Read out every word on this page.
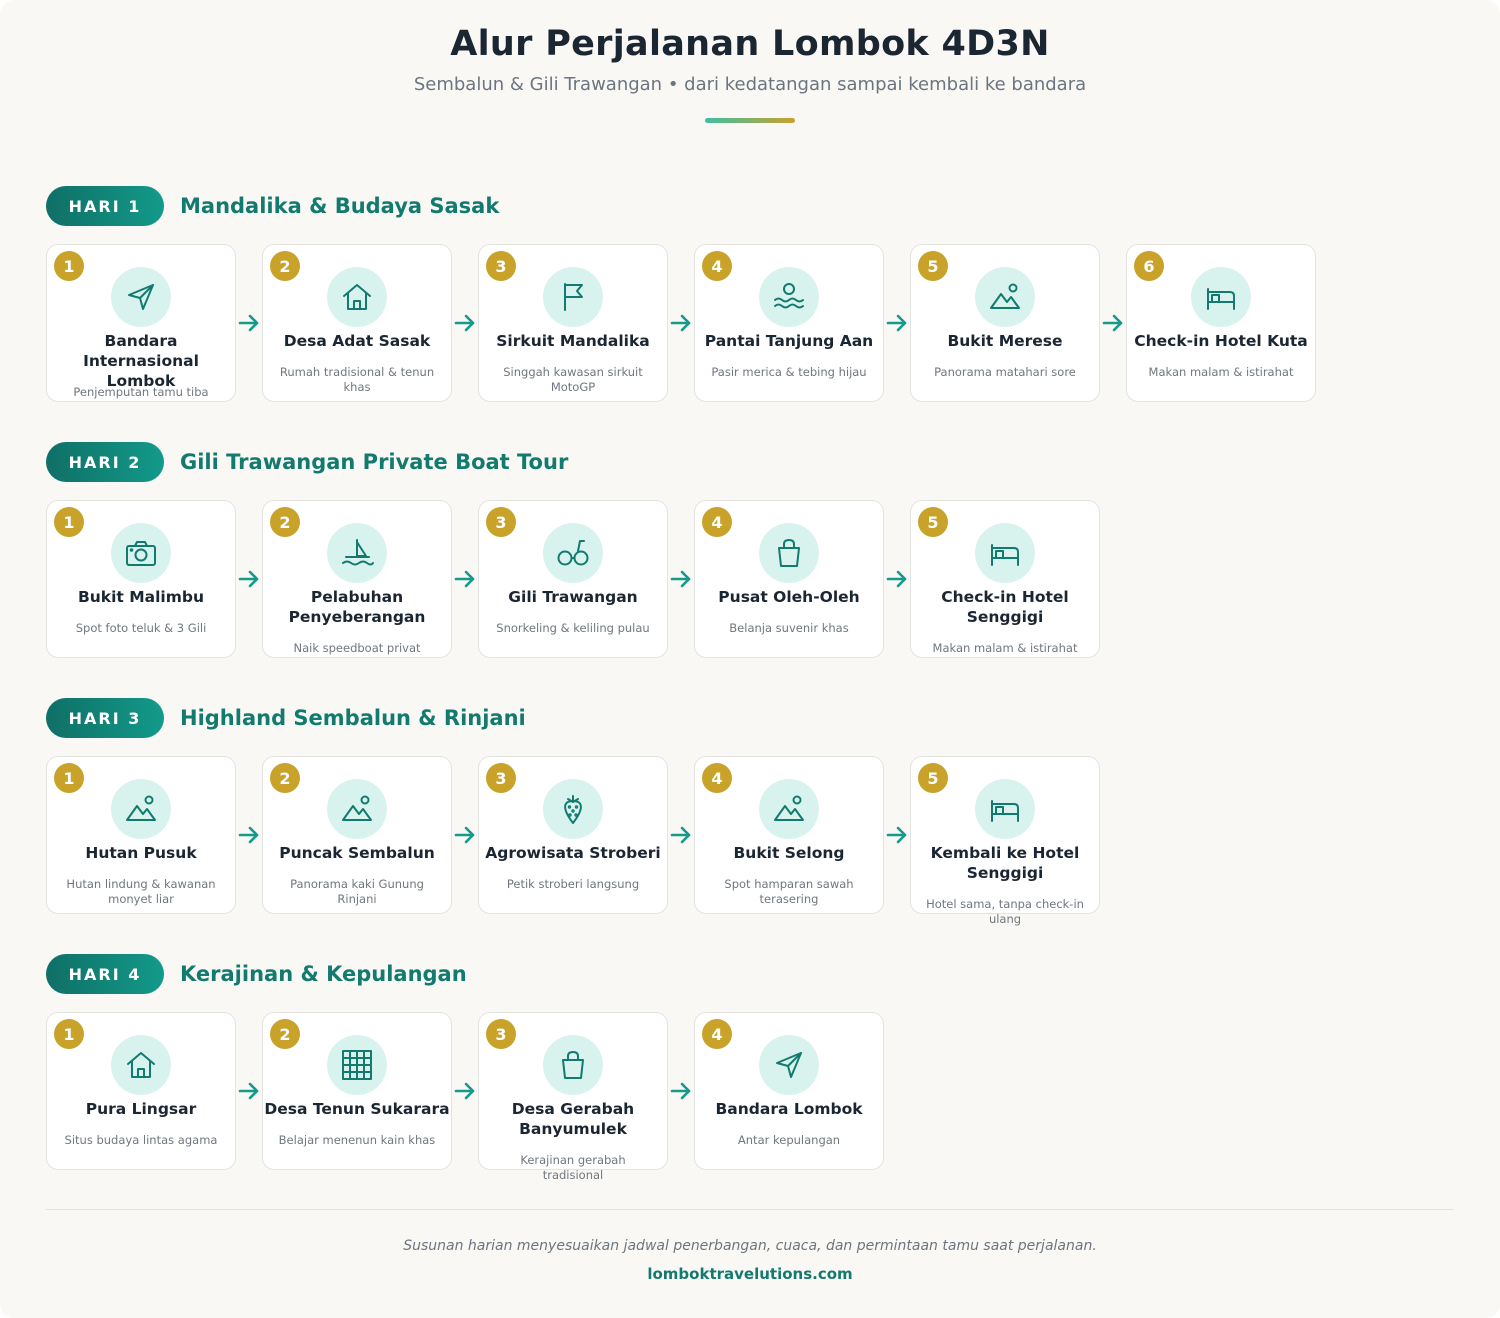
Alur Perjalanan Lombok 4D3N
Sembalun & Gili Trawangan • dari kedatangan sampai kembali ke bandara
HARI 1	Mandalika & Budaya Sasak
1
Bandara Internasional Lombok
Penjemputan tamu tiba
2
Desa Adat Sasak
Rumah tradisional & tenun khas
3
Sirkuit Mandalika
Singgah kawasan sirkuit MotoGP
4
Pantai Tanjung Aan
Pasir merica & tebing hijau
5
Bukit Merese
Panorama matahari sore
6
Check-in Hotel Kuta
Makan malam & istirahat
HARI 2	Gili Trawangan Private Boat Tour
1
Bukit Malimbu
Spot foto teluk & 3 Gili
2
Pelabuhan Penyeberangan
Naik speedboat privat
3
Gili Trawangan
Snorkeling & keliling pulau
4
Pusat Oleh-Oleh
Belanja suvenir khas
5
Check-in Hotel Senggigi
Makan malam & istirahat
HARI 3	Highland Sembalun & Rinjani
1
Hutan Pusuk
Hutan lindung & kawanan monyet liar
2
Puncak Sembalun
Panorama kaki Gunung Rinjani
3
Agrowisata Stroberi
Petik stroberi langsung
4
Bukit Selong
Spot hamparan sawah terasering
5
Kembali ke Hotel Senggigi
Hotel sama, tanpa check-in ulang
HARI 4	Kerajinan & Kepulangan
1
Pura Lingsar
Situs budaya lintas agama
2
Desa Tenun Sukarara
Belajar menenun kain khas
3
Desa Gerabah Banyumulek
Kerajinan gerabah tradisional
4
Bandara Lombok
Antar kepulangan
Susunan harian menyesuaikan jadwal penerbangan, cuaca, dan permintaan tamu saat perjalanan.
lomboktravelutions.com
